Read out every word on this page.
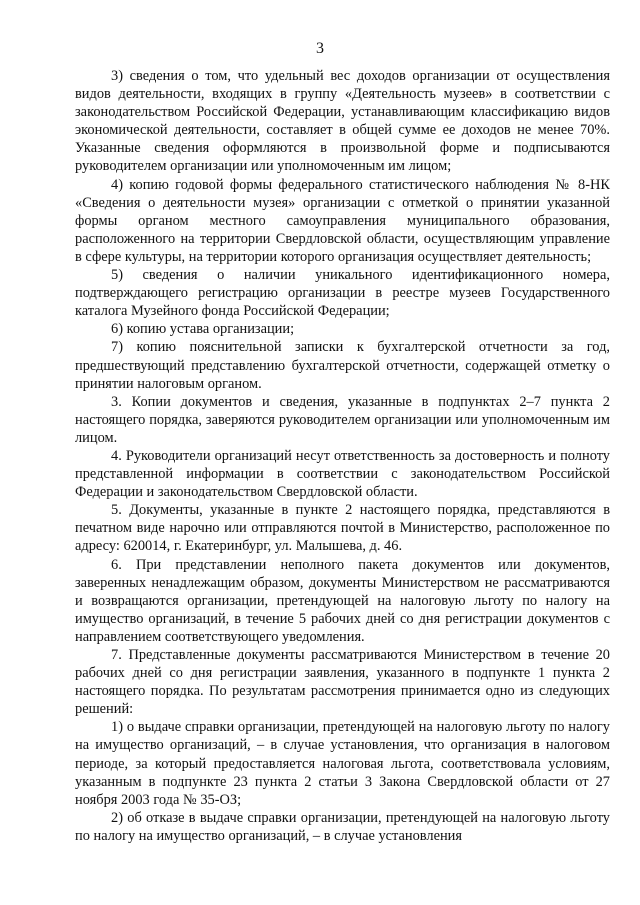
3

3) сведения о том, что удельный вес доходов организации от осуществления видов деятельности, входящих в группу «Деятельность музеев» в соответствии с законодательством Российской Федерации, устанавливающим классификацию видов экономической деятельности, составляет в общей сумме ее доходов не менее 70%. Указанные сведения оформляются в произвольной форме и подписываются руководителем организации или уполномоченным им лицом;

4) копию годовой формы федерального статистического наблюдения № 8-НК «Сведения о деятельности музея» организации с отметкой о принятии указанной формы органом местного самоуправления муниципального образования, расположенного на территории Свердловской области, осуществляющим управление в сфере культуры, на территории которого организация осуществляет деятельность;

5) сведения о наличии уникального идентификационного номера, подтверждающего регистрацию организации в реестре музеев Государственного каталога Музейного фонда Российской Федерации;

6) копию устава организации;

7) копию пояснительной записки к бухгалтерской отчетности за год, предшествующий представлению бухгалтерской отчетности, содержащей отметку о принятии налоговым органом.

3. Копии документов и сведения, указанные в подпунктах 2–7 пункта 2 настоящего порядка, заверяются руководителем организации или уполномоченным им лицом.

4. Руководители организаций несут ответственность за достоверность и полноту представленной информации в соответствии с законодательством Российской Федерации и законодательством Свердловской области.

5. Документы, указанные в пункте 2 настоящего порядка, представляются в печатном виде нарочно или отправляются почтой в Министерство, расположенное по адресу: 620014, г. Екатеринбург, ул. Малышева, д. 46.

6. При представлении неполного пакета документов или документов, заверенных ненадлежащим образом, документы Министерством не рассматриваются и возвращаются организации, претендующей на налоговую льготу по налогу на имущество организаций, в течение 5 рабочих дней со дня регистрации документов с направлением соответствующего уведомления.

7. Представленные документы рассматриваются Министерством в течение 20 рабочих дней со дня регистрации заявления, указанного в подпункте 1 пункта 2 настоящего порядка. По результатам рассмотрения принимается одно из следующих решений:

1) о выдаче справки организации, претендующей на налоговую льготу по налогу на имущество организаций, – в случае установления, что организация в налоговом периоде, за который предоставляется налоговая льгота, соответствовала условиям, указанным в подпункте 23 пункта 2 статьи 3 Закона Свердловской области от 27 ноября 2003 года № 35-ОЗ;

2) об отказе в выдаче справки организации, претендующей на налоговую льготу по налогу на имущество организаций, – в случае установления
